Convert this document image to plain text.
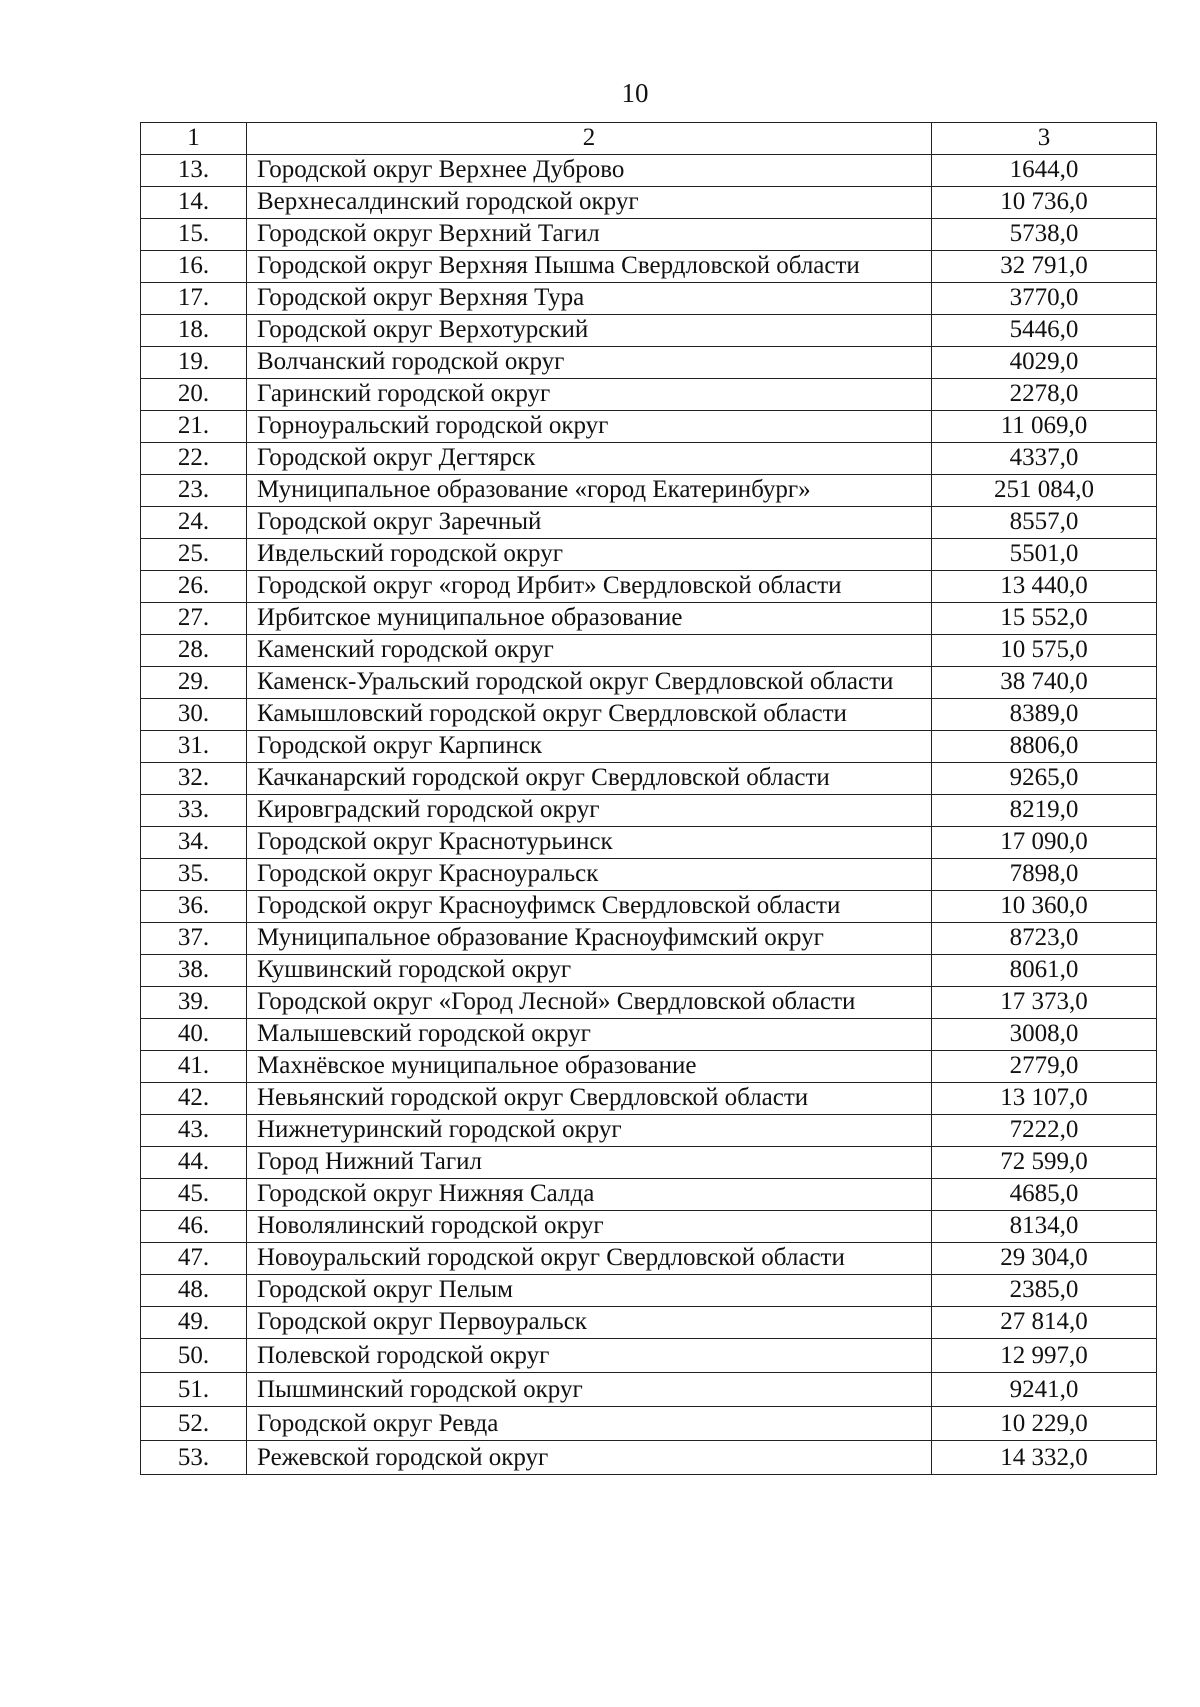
10
1	2	3
13.	Городской округ Верхнее Дуброво	1644,0
14.	Верхнесалдинский городской округ	10 736,0
15.	Городской округ Верхний Тагил	5738,0
16.	Городской округ Верхняя Пышма Свердловской области	32 791,0
17.	Городской округ Верхняя Тура	3770,0
18.	Городской округ Верхотурский	5446,0
19.	Волчанский городской округ	4029,0
20.	Гаринский городской округ	2278,0
21.	Горноуральский городской округ	11 069,0
22.	Городской округ Дегтярск	4337,0
23.	Муниципальное образование «город Екатеринбург»	251 084,0
24.	Городской округ Заречный	8557,0
25.	Ивдельский городской округ	5501,0
26.	Городской округ «город Ирбит» Свердловской области	13 440,0
27.	Ирбитское муниципальное образование	15 552,0
28.	Каменский городской округ	10 575,0
29.	Каменск-Уральский городской округ Свердловской области	38 740,0
30.	Камышловский городской округ Свердловской области	8389,0
31.	Городской округ Карпинск	8806,0
32.	Качканарский городской округ Свердловской области	9265,0
33.	Кировградский городской округ	8219,0
34.	Городской округ Краснотурьинск	17 090,0
35.	Городской округ Красноуральск	7898,0
36.	Городской округ Красноуфимск Свердловской области	10 360,0
37.	Муниципальное образование Красноуфимский округ	8723,0
38.	Кушвинский городской округ	8061,0
39.	Городской округ «Город Лесной» Свердловской области	17 373,0
40.	Малышевский городской округ	3008,0
41.	Махнёвское муниципальное образование	2779,0
42.	Невьянский городской округ Свердловской области	13 107,0
43.	Нижнетуринский городской округ	7222,0
44.	Город Нижний Тагил	72 599,0
45.	Городской округ Нижняя Салда	4685,0
46.	Новолялинский городской округ	8134,0
47.	Новоуральский городской округ Свердловской области	29 304,0
48.	Городской округ Пелым	2385,0
49.	Городской округ Первоуральск	27 814,0
50.	Полевской городской округ	12 997,0
51.	Пышминский городской округ	9241,0
52.	Городской округ Ревда	10 229,0
53.	Режевской городской округ	14 332,0
